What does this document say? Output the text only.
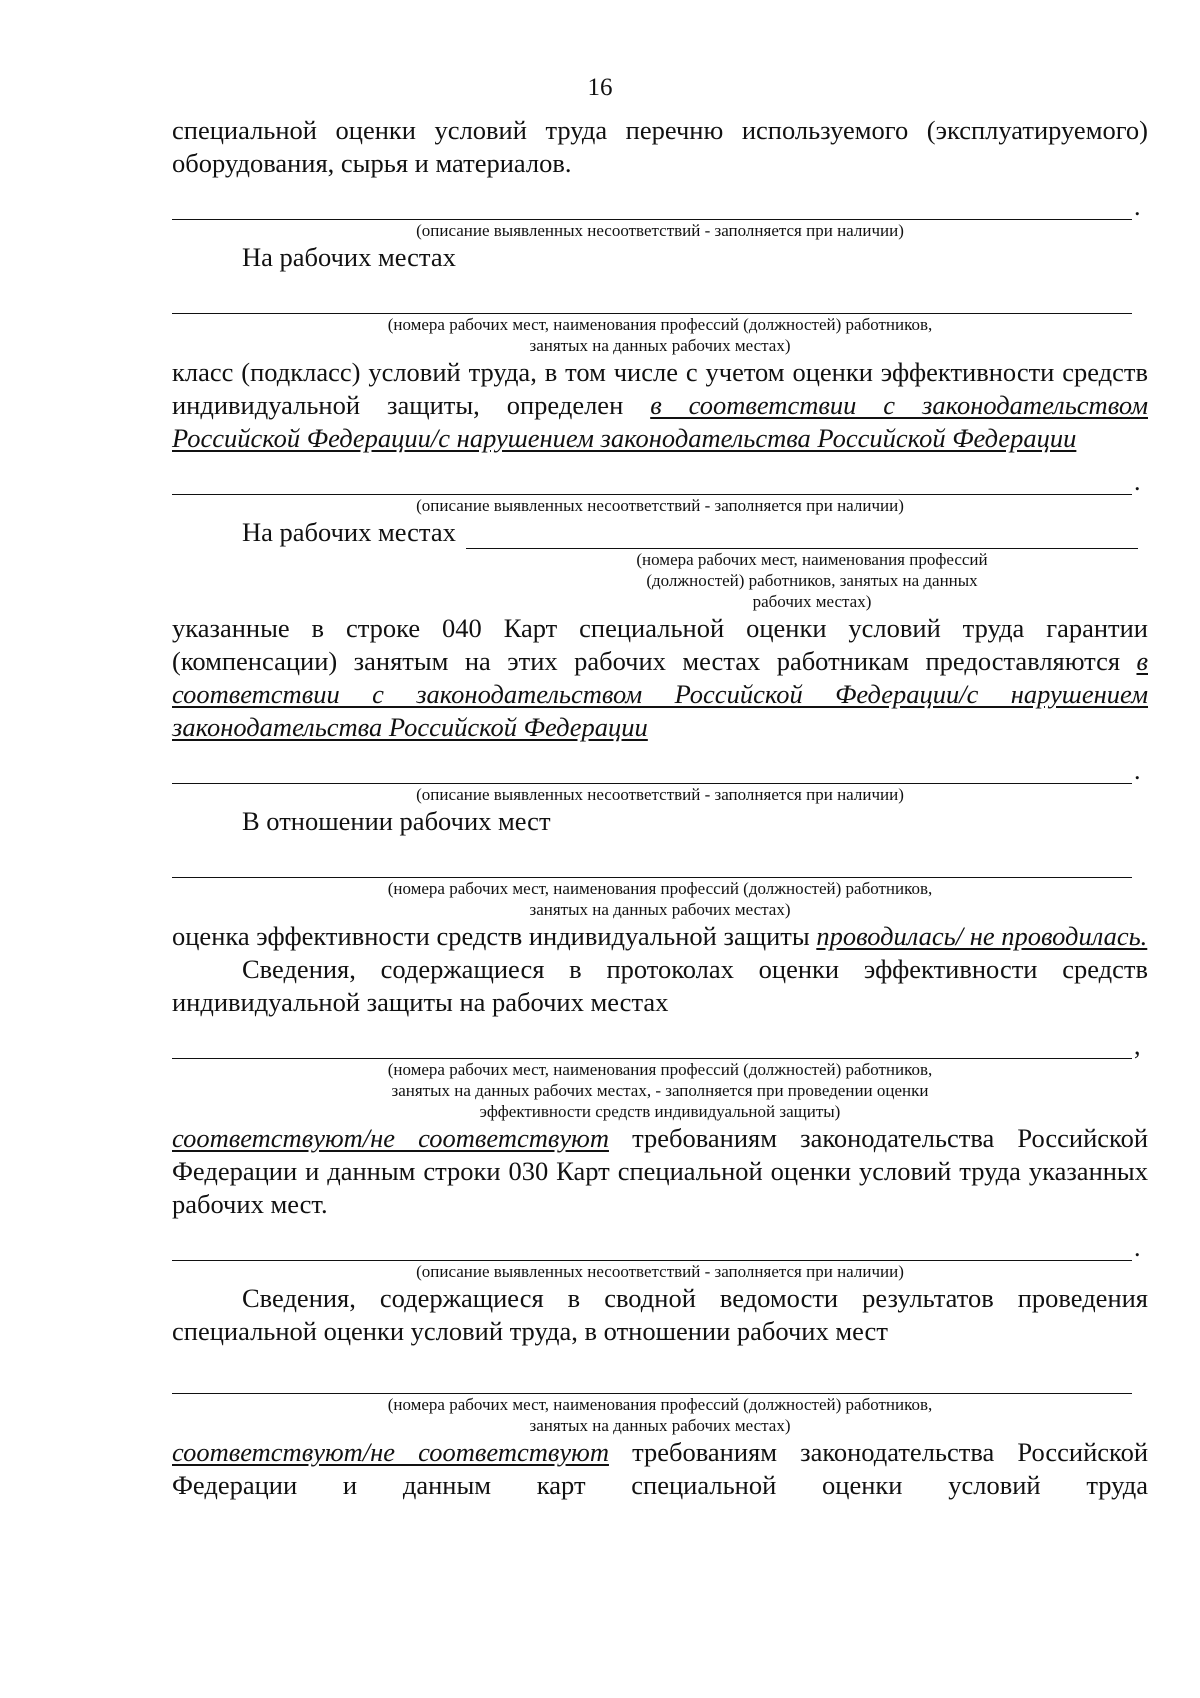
16

специальной оценки условий труда перечню используемого (эксплуатируемого) оборудования, сырья и материалов.

.

(описание выявленных несоответствий - заполняется при наличии)

На рабочих местах

(номера рабочих мест, наименования профессий (должностей) работников,

занятых на данных рабочих местах)

класс (подкласс) условий труда, в том числе с учетом оценки эффективности средств индивидуальной защиты, определен в соответствии с законодательством Российской Федерации/с нарушением законодательства Российской Федерации

.

(описание выявленных несоответствий - заполняется при наличии)

На рабочих местах

(номера рабочих мест, наименования профессий

(должностей) работников, занятых на данных

рабочих местах)

указанные в строке 040 Карт специальной оценки условий труда гарантии (компенсации) занятым на этих рабочих местах работникам предоставляются в соответствии с законодательством Российской Федерации/с нарушением законодательства Российской Федерации

.

(описание выявленных несоответствий - заполняется при наличии)

В отношении рабочих мест

(номера рабочих мест, наименования профессий (должностей) работников,

занятых на данных рабочих местах)

оценка эффективности средств индивидуальной защиты проводилась/ не проводилась.

Сведения, содержащиеся в протоколах оценки эффективности средств индивидуальной защиты на рабочих местах

,

(номера рабочих мест, наименования профессий (должностей) работников,

занятых на данных рабочих местах, - заполняется при проведении оценки

эффективности средств индивидуальной защиты)

соответствуют/не соответствуют требованиям законодательства Российской Федерации и данным строки 030 Карт специальной оценки условий труда указанных рабочих мест.

.

(описание выявленных несоответствий - заполняется при наличии)

Сведения, содержащиеся в сводной ведомости результатов проведения специальной оценки условий труда, в отношении рабочих мест

(номера рабочих мест, наименования профессий (должностей) работников,

занятых на данных рабочих местах)

соответствуют/не соответствуют требованиям законодательства Российской Федерации и данным карт специальной оценки условий труда
